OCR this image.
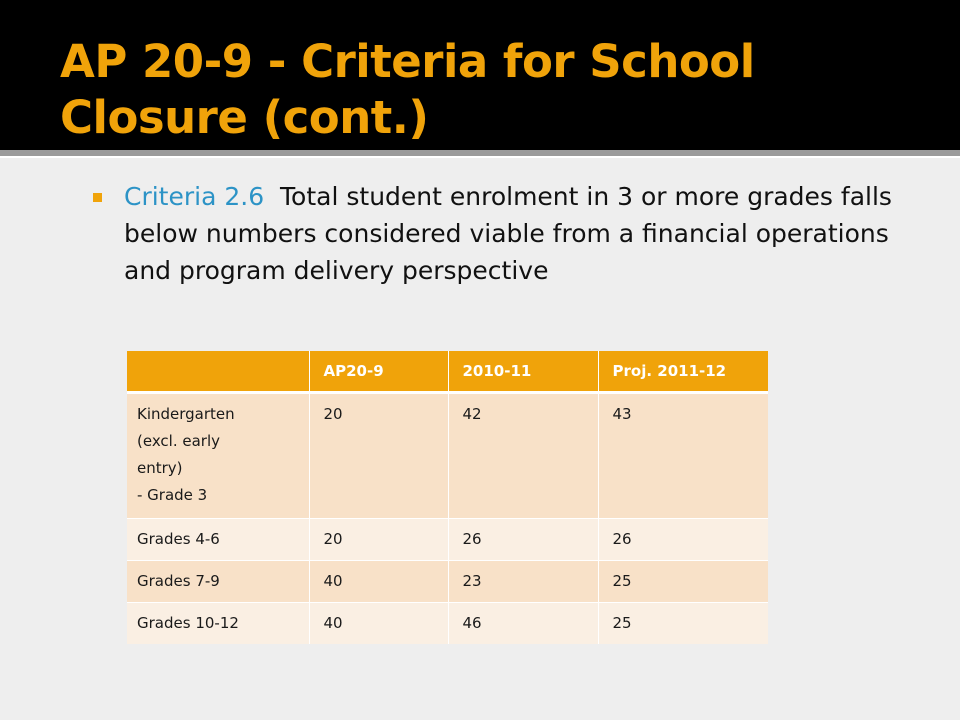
AP 20-9 - Criteria for School Closure (cont.)

Criteria 2.6 Total student enrolment in 3 or more grades falls below numbers considered viable from a financial operations and program delivery perspective

	AP20-9	2010-11	Proj. 2011-12

Kindergarten
(excl. early
entry)
- Grade 3	20	42	43
Grades 4-6	20	26	26
Grades 7-9	40	23	25
Grades 10-12	40	46	25
